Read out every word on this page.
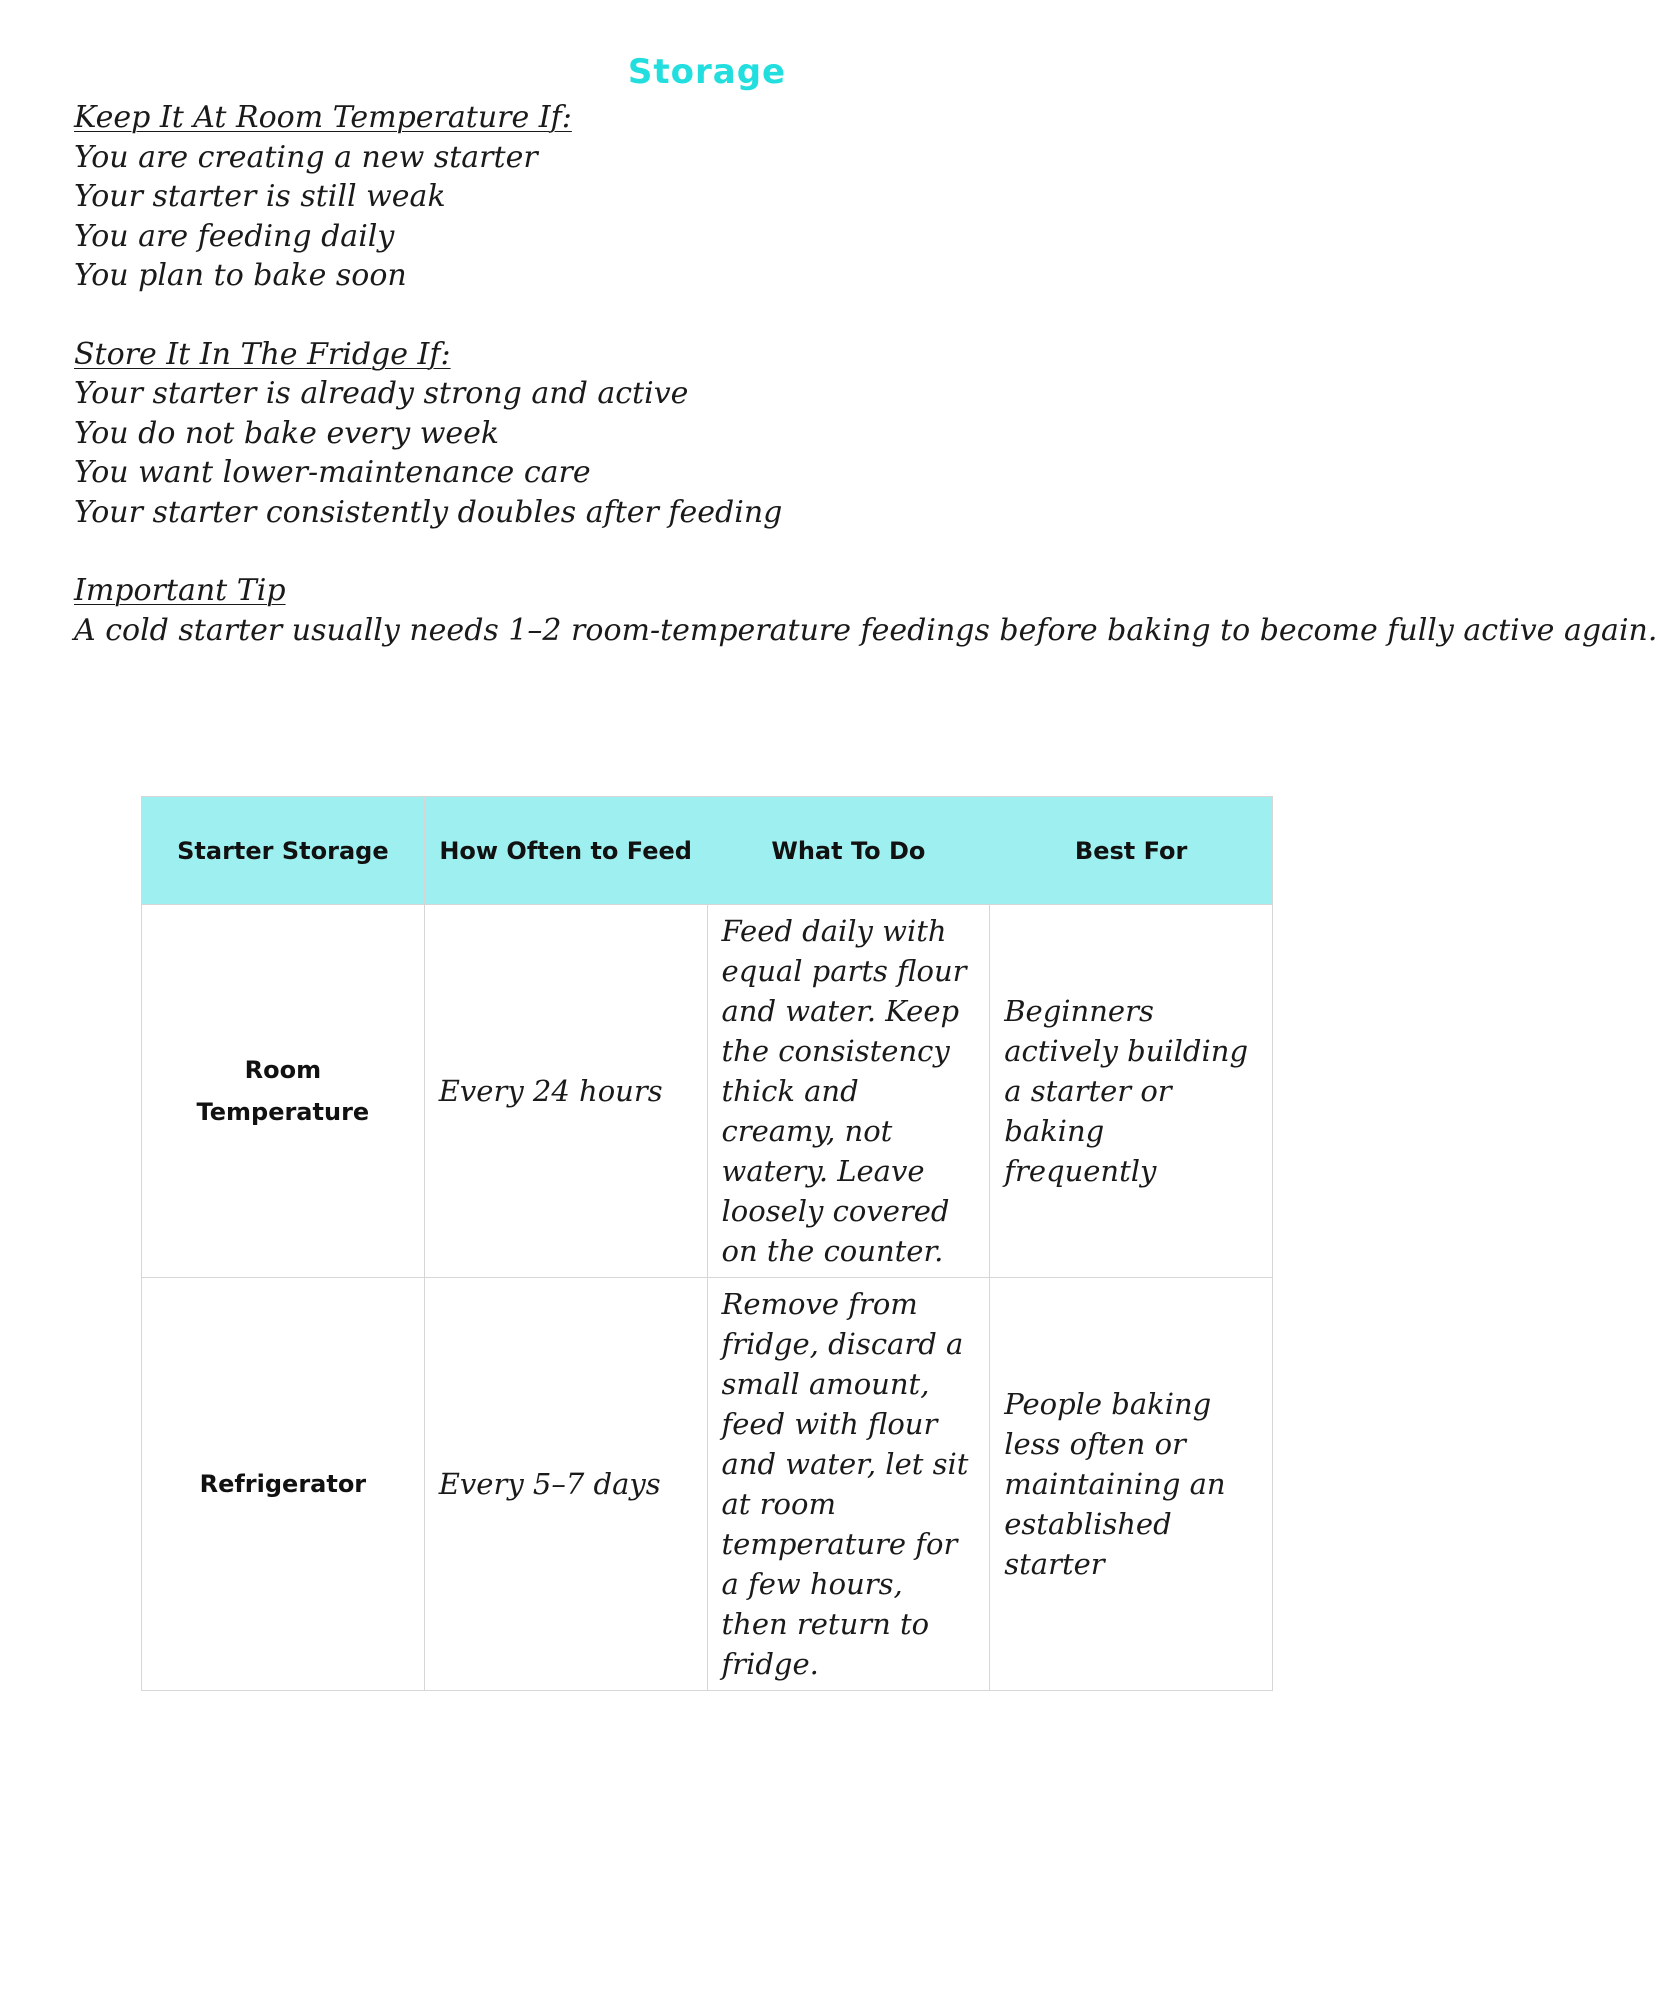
Storage
Keep It At Room Temperature If:
You are creating a new starter
Your starter is still weak
You are feeding daily
You plan to bake soon
Store It In The Fridge If:
Your starter is already strong and active
You do not bake every week
You want lower-maintenance care
Your starter consistently doubles after feeding
Important Tip
A cold starter usually needs 1–2 room-temperature feedings before baking to become fully active again.
Starter Storage	How Often to Feed	What To Do	Best For
Room Temperature	Every 24 hours	Feed daily with equal parts flour and water. Keep the consistency thick and creamy, not watery. Leave loosely covered on the counter.	Beginners actively building a starter or baking frequently
Refrigerator	Every 5–7 days	Remove from fridge, discard a small amount, feed with flour and water, let sit at room temperature for a few hours, then return to fridge.	People baking less often or maintaining an established starter
